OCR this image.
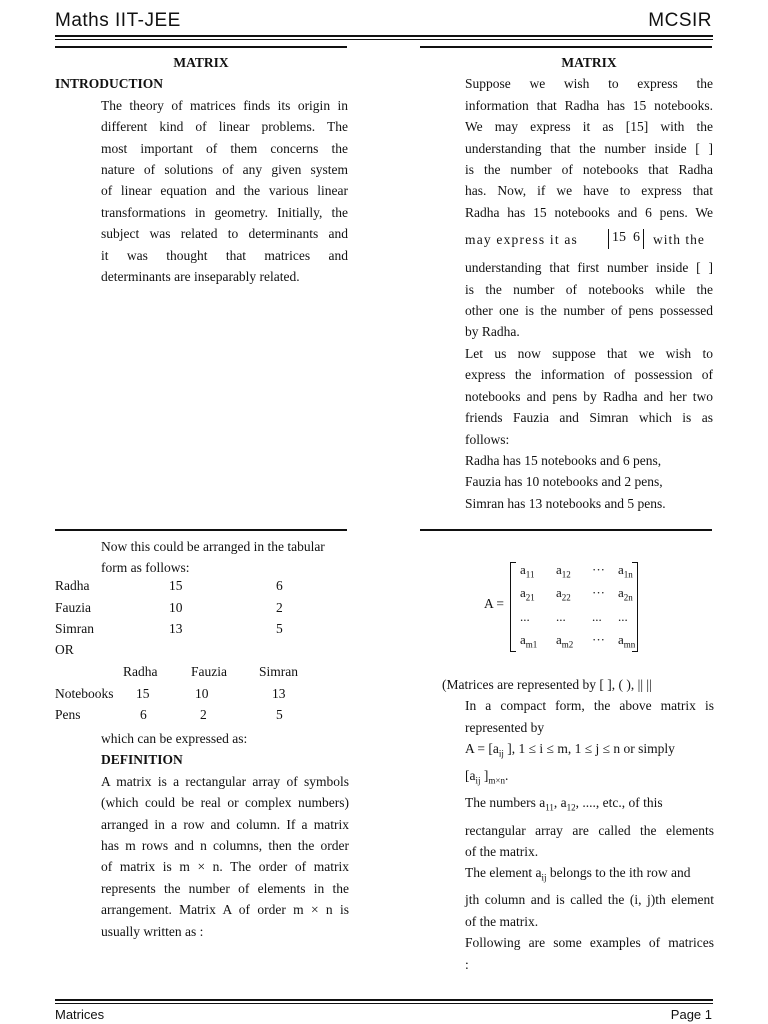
Maths IIT-JEE	MCSIR
MATRIX
INTRODUCTION
The theory of matrices finds its origin in
different kind of linear problems. The
most important of them concerns the
nature of solutions of any given system
of linear equation and the various linear
transformations in geometry. Initially, the
subject was related to determinants and
it was thought that matrices and
determinants are inseparably related.
MATRIX
Suppose we wish to express the
information that Radha has 15 notebooks.
We may express it as [15] with the
understanding that the number inside [ ]
is the number of notebooks that Radha
has. Now, if we have to express that
Radha has 15 notebooks and 6 pens. We
may express it as 15  6 with the
understanding that first number inside [ ]
is the number of notebooks while the
other one is the number of pens possessed
by Radha.
Let us now suppose that we wish to
express the information of possession of
notebooks and pens by Radha and her two
friends Fauzia and Simran which is as
follows:
Radha has 15 notebooks and 6 pens,
Fauzia has 10 notebooks and 2 pens,
Simran has 13 notebooks and 5 pens.
Now this could be arranged in the tabular
form as follows:
Radha	15	6
Fauzia	10	2
Simran	13	5
OR
Radha Fauzia Simran
Notebooks 15	10	13
Pens	6	2	5
which can be expressed as:
DEFINITION
A matrix is a rectangular array of symbols
(which could be real or complex numbers)
arranged in a row and column. If a matrix
has m rows and n columns, then the order
of matrix is m × n. The order of matrix
represents the number of elements in the
arrangement. Matrix A of order m × n is
usually written as :
A =
$a_{11}$ $a_{12}$ ··· $a_{1n}$
$a_{21}$ $a_{22}$ ··· $a_{2n}$
... ... ... ...
$a_{m1}$ $a_{m2}$ ··· $a_{mn}$
(Matrices are represented by [ ], ( ), || ||
In a compact form, the above matrix is
represented by
$A = [a_{ij}$ ], 1 ≤ i ≤ m, 1 ≤ j ≤ n or simply
[$a_{ij}$ ]$_{m\times n}$.
The numbers $a_{11}$, $a_{12}$, ...., etc., of this
rectangular array are called the elements
of the matrix.
The element $a_{ij}$ belongs to the ith row and
jth column and is called the (i, j)th element
of the matrix.
Following are some examples of matrices
:
Matrices	Page 1
